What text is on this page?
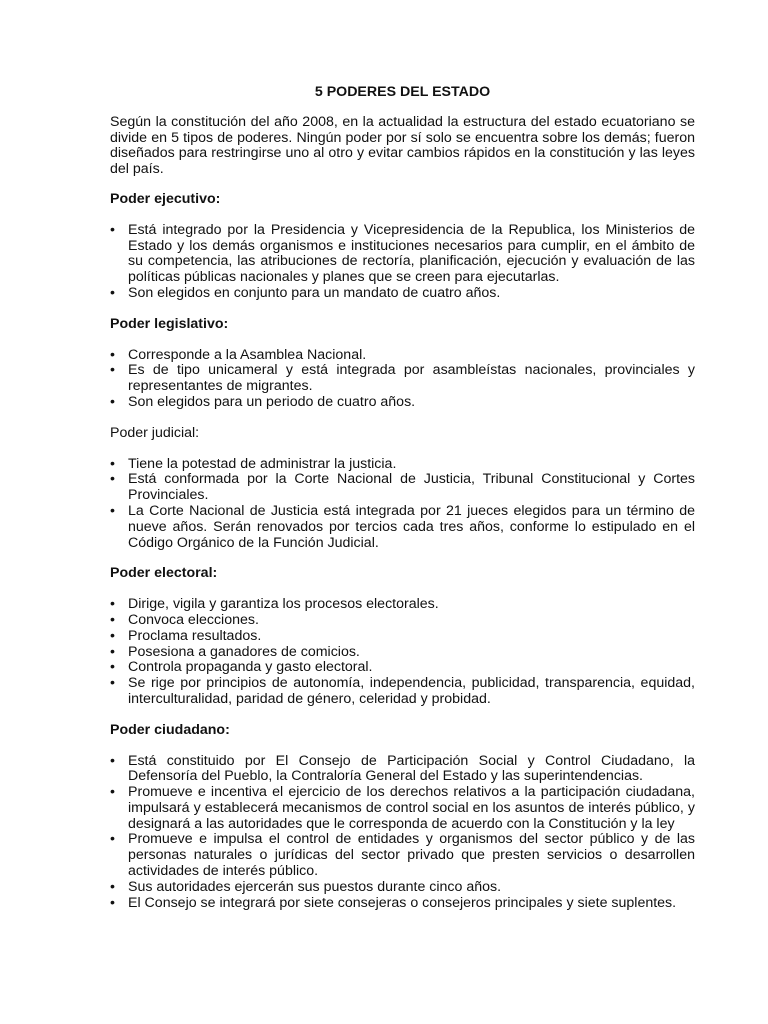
5 PODERES DEL ESTADO

Según la constitución del año 2008, en la actualidad la estructura del estado ecuatoriano se divide en 5 tipos de poderes. Ningún poder por sí solo se encuentra sobre los demás; fueron diseñados para restringirse uno al otro y evitar cambios rápidos en la constitución y las leyes del país.

Poder ejecutivo:
• Está integrado por la Presidencia y Vicepresidencia de la Republica, los Ministerios de Estado y los demás organismos e instituciones necesarios para cumplir, en el ámbito de su competencia, las atribuciones de rectoría, planificación, ejecución y evaluación de las políticas públicas nacionales y planes que se creen para ejecutarlas.
• Son elegidos en conjunto para un mandato de cuatro años.
Poder legislativo:
• Corresponde a la Asamblea Nacional.
• Es de tipo unicameral y está integrada por asambleístas nacionales, provinciales y representantes de migrantes.
• Son elegidos para un periodo de cuatro años.
Poder judicial:
• Tiene la potestad de administrar la justicia.
• Está conformada por la Corte Nacional de Justicia, Tribunal Constitucional y Cortes Provinciales.
• La Corte Nacional de Justicia está integrada por 21 jueces elegidos para un término de nueve años. Serán renovados por tercios cada tres años, conforme lo estipulado en el Código Orgánico de la Función Judicial.
Poder electoral:
• Dirige, vigila y garantiza los procesos electorales.
• Convoca elecciones.
• Proclama resultados.
• Posesiona a ganadores de comicios.
• Controla propaganda y gasto electoral.
• Se rige por principios de autonomía, independencia, publicidad, transparencia, equidad, interculturalidad, paridad de género, celeridad y probidad.
Poder ciudadano:
• Está constituido por El Consejo de Participación Social y Control Ciudadano, la Defensoría del Pueblo, la Contraloría General del Estado y las superintendencias.
• Promueve e incentiva el ejercicio de los derechos relativos a la participación ciudadana, impulsará y establecerá mecanismos de control social en los asuntos de interés público, y designará a las autoridades que le corresponda de acuerdo con la Constitución y la ley
• Promueve e impulsa el control de entidades y organismos del sector público y de las personas naturales o jurídicas del sector privado que presten servicios o desarrollen actividades de interés público.
• Sus autoridades ejercerán sus puestos durante cinco años.
• El Consejo se integrará por siete consejeras o consejeros principales y siete suplentes.
